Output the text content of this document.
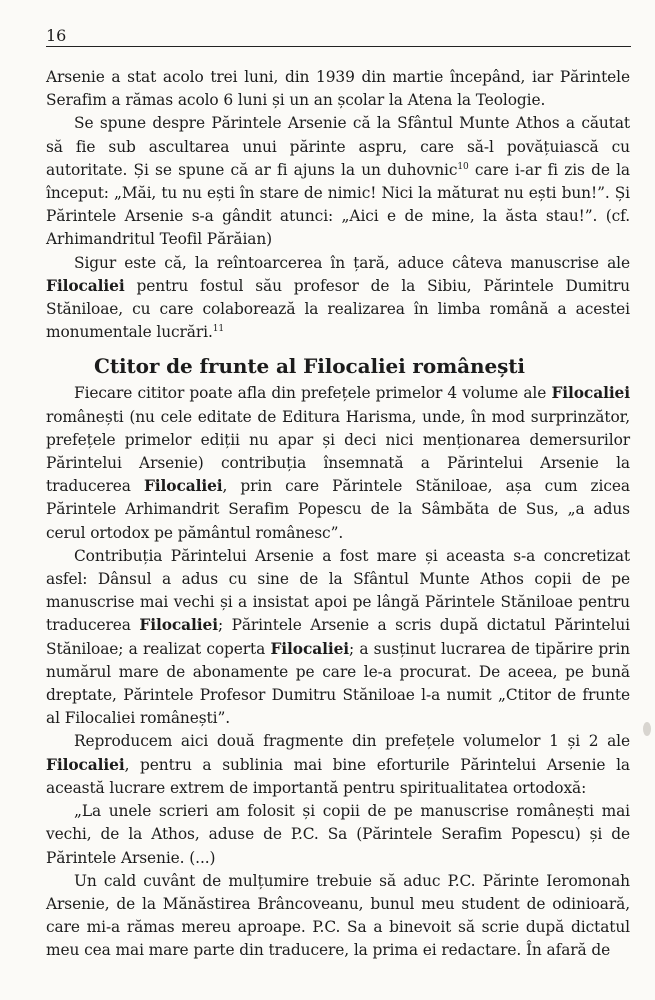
16

Arsenie a stat acolo trei luni, din 1939 din martie începând, iar Părintele Serafim a rămas acolo 6 luni și un an școlar la Atena la Teologie.

Se spune despre Părintele Arsenie că la Sfântul Munte Athos a căutat să fie sub ascultarea unui părinte aspru, care să-l povățuiască cu autoritate. Și se spune că ar fi ajuns la un duhovnic$^{10}$ care i-ar fi zis de la început: „Măi, tu nu ești în stare de nimic! Nici la măturat nu ești bun!”. Și Părintele Arsenie s-a gândit atunci: „Aici e de mine, la ăsta stau!”. (cf. Arhimandritul Teofil Părăian)

Sigur este că, la reîntoarcerea în țară, aduce câteva manuscrise ale Filocaliei pentru fostul său profesor de la Sibiu, Părintele Dumitru Stăniloae, cu care colaborează la realizarea în limba română a acestei monumentale lucrări.$^{11}$

Ctitor de frunte al Filocaliei românești

Fiecare cititor poate afla din prefețele primelor 4 volume ale Filocaliei românești (nu cele editate de Editura Harisma, unde, în mod surprinzător, prefețele primelor ediții nu apar și deci nici menționarea demersurilor Părintelui Arsenie) contribuția însemnată a Părintelui Arsenie la traducerea Filocaliei, prin care Părintele Stăniloae, așa cum zicea Părintele Arhimandrit Serafim Popescu de la Sâmbăta de Sus, „a adus cerul ortodox pe pământul românesc”.

Contribuția Părintelui Arsenie a fost mare și aceasta s-a concretizat asfel: Dânsul a adus cu sine de la Sfântul Munte Athos copii de pe manuscrise mai vechi și a insistat apoi pe lângă Părintele Stăniloae pentru traducerea Filocaliei; Părintele Arsenie a scris după dictatul Părintelui Stăniloae; a realizat coperta Filocaliei; a susținut lucrarea de tipărire prin numărul mare de abonamente pe care le-a procurat. De aceea, pe bună dreptate, Părintele Profesor Dumitru Stăniloae l-a numit „Ctitor de frunte al Filocaliei românești”.

Reproducem aici două fragmente din prefețele volumelor 1 și 2 ale Filocaliei, pentru a sublinia mai bine eforturile Părintelui Arsenie la această lucrare extrem de importantă pentru spiritualitatea ortodoxă:

„La unele scrieri am folosit și copii de pe manuscrise românești mai vechi, de la Athos, aduse de P.C. Sa (Părintele Serafim Popescu) și de Părintele Arsenie. (...)

Un cald cuvânt de mulțumire trebuie să aduc P.C. Părinte Ieromonah Arsenie, de la Mănăstirea Brâncoveanu, bunul meu student de odinioară, care mi-a rămas mereu aproape. P.C. Sa a binevoit să scrie după dictatul meu cea mai mare parte din traducere, la prima ei redactare. În afară de
